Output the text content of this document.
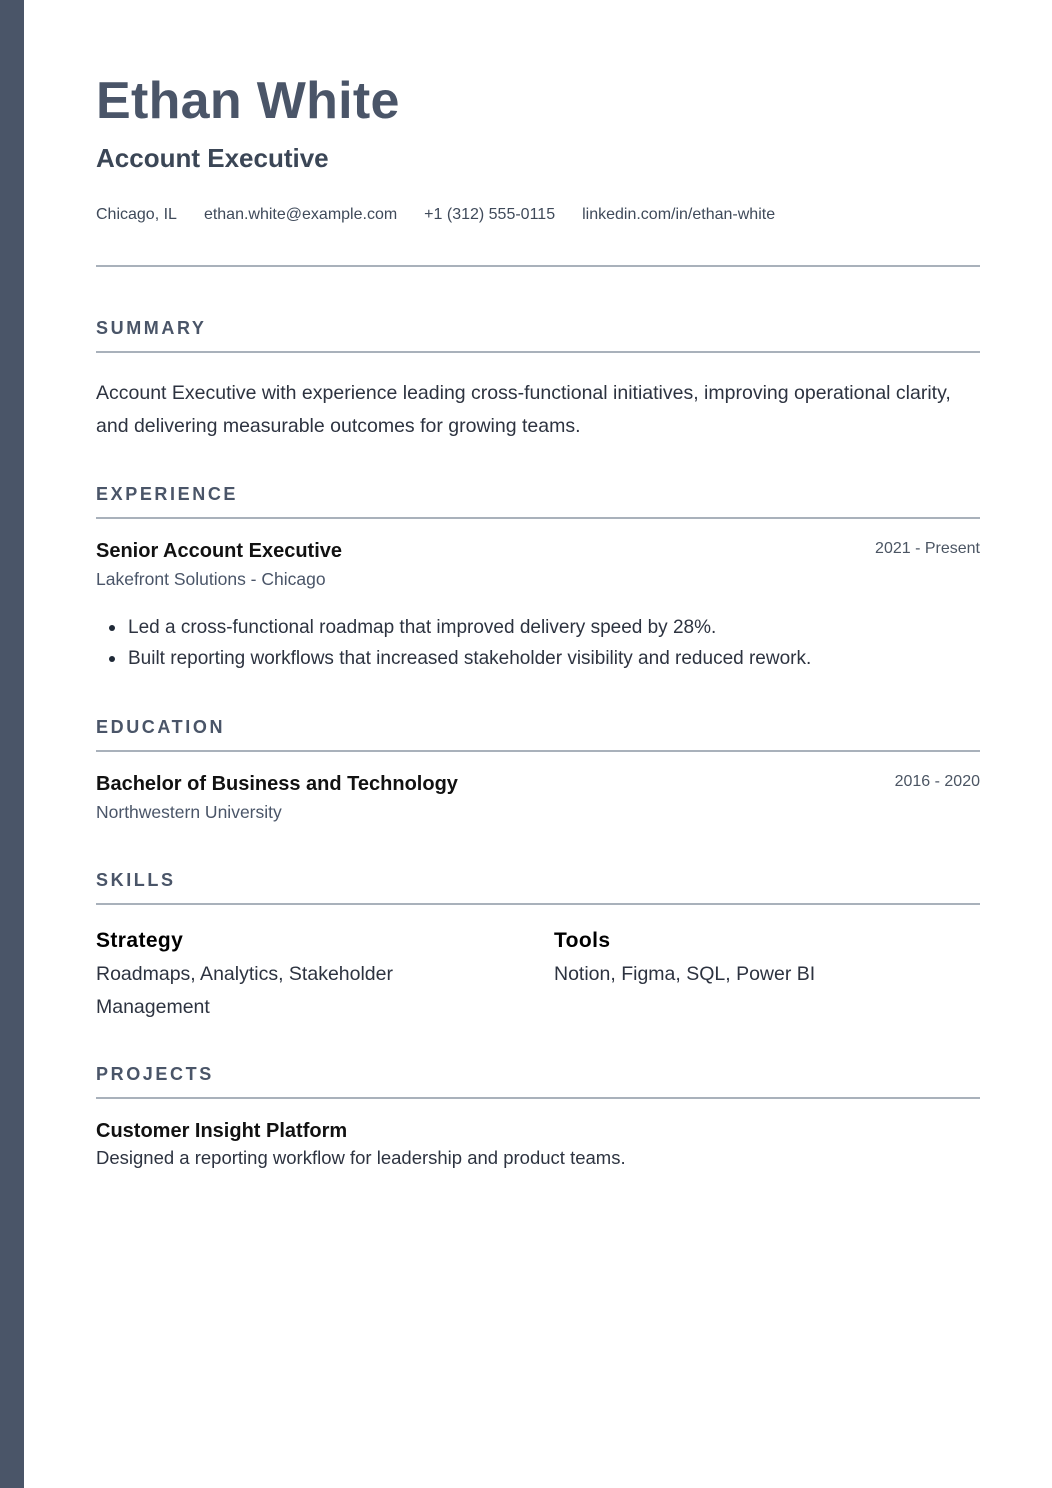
Ethan White
Account Executive
Chicago, IL ethan.white@example.com +1 (312) 555-0115 linkedin.com/in/ethan-white
SUMMARY

Account Executive with experience leading cross-functional initiatives, improving operational clarity, and delivering measurable outcomes for growing teams.

EXPERIENCE
Senior Account Executive	2021 - Present
Lakefront Solutions - Chicago
Led a cross-functional roadmap that improved delivery speed by 28%.
Built reporting workflows that increased stakeholder visibility and reduced rework.
EDUCATION
Bachelor of Business and Technology	2016 - 2020
Northwestern University
SKILLS
Strategy
Roadmaps, Analytics, Stakeholder Management
Tools
Notion, Figma, SQL, Power BI
PROJECTS
Customer Insight Platform
Designed a reporting workflow for leadership and product teams.
